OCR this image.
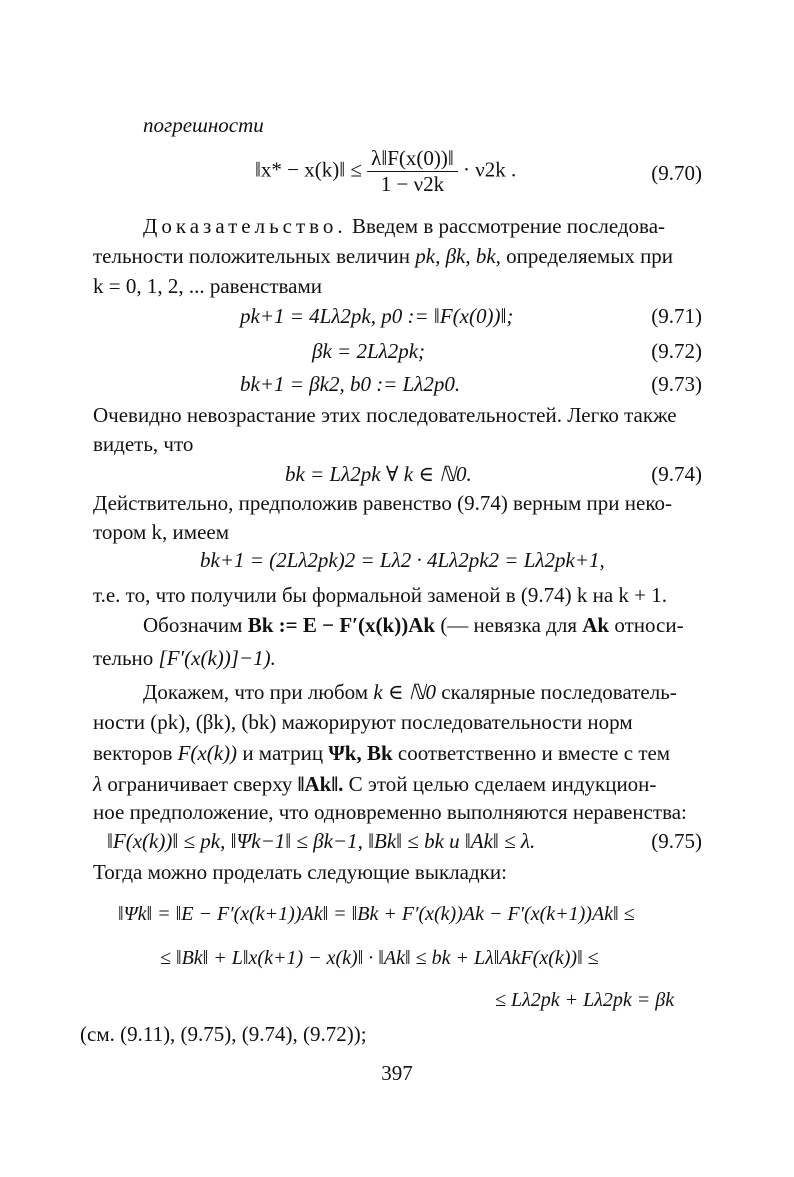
погрешности
‖x* − x(k)‖ ≤ $\frac{\lambda‖F(x(0))‖}{1 - \nu 2k} \cdot \nu 2k$ .	(9.70)
Доказательство. Введем в рассмотрение последова-
тельности положительных величин pk, βk, bk, определяемых при
k = 0, 1, 2, ... равенствами
pk+1 = 4Lλ2pk, p0 := ‖F(x(0))‖;	(9.71)
βk = 2Lλ2pk;	(9.72)
bk+1 = βk2, b0 := Lλ2p0.	(9.73)
Очевидно невозрастание этих последовательностей. Легко также
видеть, что
bk = Lλ2pk ∀ k ∈ ℕ0.	(9.74)
Действительно, предположив равенство (9.74) верным при неко-
тором k, имеем
bk+1 = (2Lλ2pk)2 = Lλ2 · 4Lλ2pk2 = Lλ2pk+1,
т.е. то, что получили бы формальной заменой в (9.74) k на k + 1.
Обозначим Bk := E − F′(x(k))Ak (— невязка для Ak относи-
тельно [F′(x(k))]−1).
Докажем, что при любом k ∈ ℕ0 скалярные последователь-
ности (pk), (βk), (bk) мажорируют последовательности норм
векторов F(x(k)) и матриц Ψk, Bk соответственно и вместе с тем
λ ограничивает сверху ‖Ak‖. С этой целью сделаем индукцион-
ное предположение, что одновременно выполняются неравенства:
‖F(x(k))‖ ≤ pk, ‖Ψk−1‖ ≤ βk−1, ‖Bk‖ ≤ bk и ‖Ak‖ ≤ λ.	(9.75)
Тогда можно проделать следующие выкладки:
‖Ψk‖ = ‖E − F′(x(k+1))Ak‖ = ‖Bk + F′(x(k))Ak − F′(x(k+1))Ak‖ ≤
≤ ‖Bk‖ + L‖x(k+1) − x(k)‖ · ‖Ak‖ ≤ bk + Lλ‖AkF(x(k))‖ ≤
≤ Lλ2pk + Lλ2pk = βk
(см. (9.11), (9.75), (9.74), (9.72));
397
